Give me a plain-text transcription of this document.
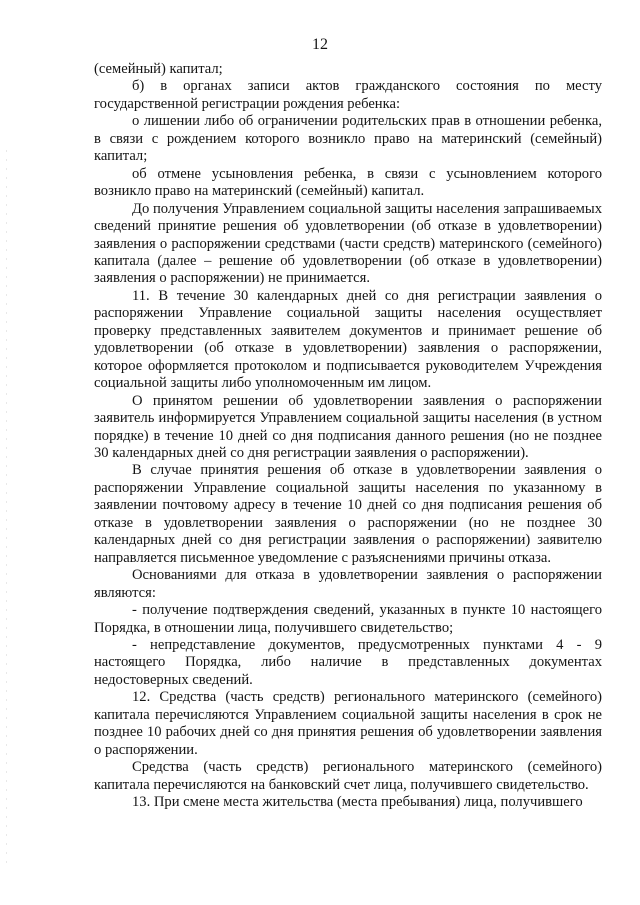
12

(семейный) капитал;

б) в органах записи актов гражданского состояния по месту государственной регистрации рождения ребенка:

о лишении либо об ограничении родительских прав в отношении ребенка, в связи с рождением которого возникло право на материнский (семейный) капитал;

об отмене усыновления ребенка, в связи с усыновлением которого возникло право на материнский (семейный) капитал.

До получения Управлением социальной защиты населения запрашиваемых сведений принятие решения об удовлетворении (об отказе в удовлетворении) заявления о распоряжении средствами (части средств) материнского (семейного) капитала (далее – решение об удовлетворении (об отказе в удовлетворении) заявления о распоряжении) не принимается.

11. В течение 30 календарных дней со дня регистрации заявления о распоряжении Управление социальной защиты населения осуществляет проверку представленных заявителем документов и принимает решение об удовлетворении (об отказе в удовлетворении) заявления о распоряжении, которое оформляется протоколом и подписывается руководителем Учреждения социальной защиты либо уполномоченным им лицом.

О принятом решении об удовлетворении заявления о распоряжении заявитель информируется Управлением социальной защиты населения (в устном порядке) в течение 10 дней со дня подписания данного решения (но не позднее 30 календарных дней со дня регистрации заявления о распоряжении).

В случае принятия решения об отказе в удовлетворении заявления о распоряжении Управление социальной защиты населения по указанному в заявлении почтовому адресу в течение 10 дней со дня подписания решения об отказе в удовлетворении заявления о распоряжении (но не позднее 30 календарных дней со дня регистрации заявления о распоряжении) заявителю направляется письменное уведомление с разъяснениями причины отказа.

Основаниями для отказа в удовлетворении заявления о распоряжении являются:

- получение подтверждения сведений, указанных в пункте 10 настоящего Порядка, в отношении лица, получившего свидетельство;

- непредставление документов, предусмотренных пунктами 4 - 9 настоящего Порядка, либо наличие в представленных документах недостоверных сведений.

12. Средства (часть средств) регионального материнского (семейного) капитала перечисляются Управлением социальной защиты населения в срок не позднее 10 рабочих дней со дня принятия решения об удовлетворении заявления о распоряжении.

Средства (часть средств) регионального материнского (семейного) капитала перечисляются на банковский счет лица, получившего свидетельство.

13. При смене места жительства (места пребывания) лица, получившего
